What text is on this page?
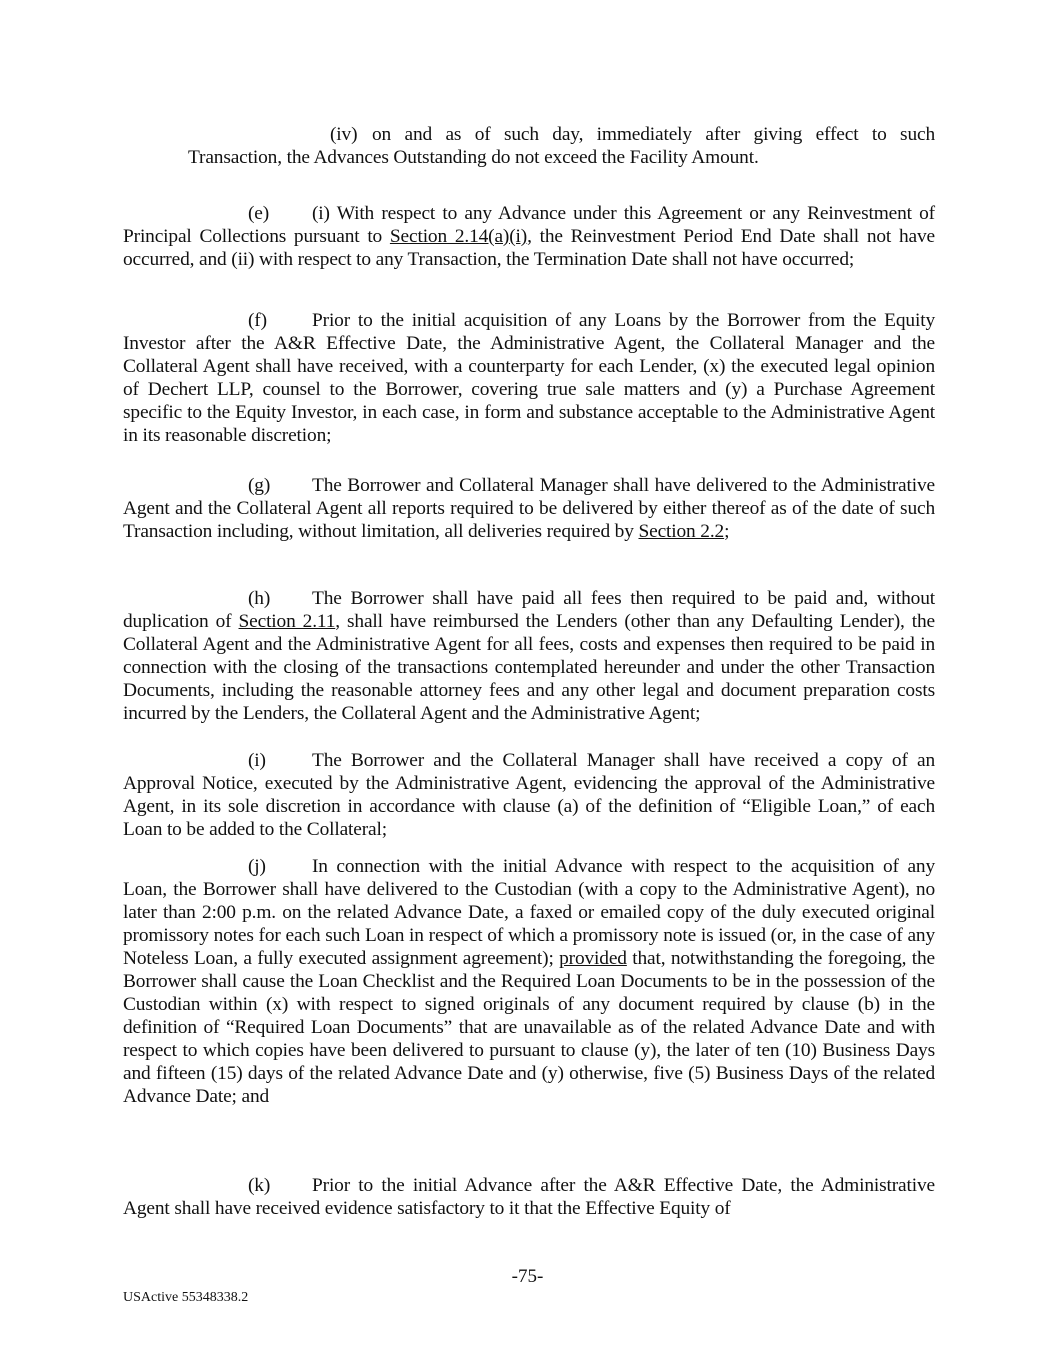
(iv) on and as of such day, immediately after giving effect to such Transaction, the Advances Outstanding do not exceed the Facility Amount.
(e) (i) With respect to any Advance under this Agreement or any Reinvestment of Principal Collections pursuant to Section 2.14(a)(i), the Reinvestment Period End Date shall not have occurred, and (ii) with respect to any Transaction, the Termination Date shall not have occurred;
(f) Prior to the initial acquisition of any Loans by the Borrower from the Equity Investor after the A&R Effective Date, the Administrative Agent, the Collateral Manager and the Collateral Agent shall have received, with a counterparty for each Lender, (x) the executed legal opinion of Dechert LLP, counsel to the Borrower, covering true sale matters and (y) a Purchase Agreement specific to the Equity Investor, in each case, in form and substance acceptable to the Administrative Agent in its reasonable discretion;
(g) The Borrower and Collateral Manager shall have delivered to the Administrative Agent and the Collateral Agent all reports required to be delivered by either thereof as of the date of such Transaction including, without limitation, all deliveries required by Section 2.2;
(h) The Borrower shall have paid all fees then required to be paid and, without duplication of Section 2.11, shall have reimbursed the Lenders (other than any Defaulting Lender), the Collateral Agent and the Administrative Agent for all fees, costs and expenses then required to be paid in connection with the closing of the transactions contemplated hereunder and under the other Transaction Documents, including the reasonable attorney fees and any other legal and document preparation costs incurred by the Lenders, the Collateral Agent and the Administrative Agent;
(i) The Borrower and the Collateral Manager shall have received a copy of an Approval Notice, executed by the Administrative Agent, evidencing the approval of the Administrative Agent, in its sole discretion in accordance with clause (a) of the definition of “Eligible Loan,” of each Loan to be added to the Collateral;
(j) In connection with the initial Advance with respect to the acquisition of any Loan, the Borrower shall have delivered to the Custodian (with a copy to the Administrative Agent), no later than 2:00 p.m. on the related Advance Date, a faxed or emailed copy of the duly executed original promissory notes for each such Loan in respect of which a promissory note is issued (or, in the case of any Noteless Loan, a fully executed assignment agreement); provided that, notwithstanding the foregoing, the Borrower shall cause the Loan Checklist and the Required Loan Documents to be in the possession of the Custodian within (x) with respect to signed originals of any document required by clause (b) in the definition of “Required Loan Documents” that are unavailable as of the related Advance Date and with respect to which copies have been delivered to pursuant to clause (y), the later of ten (10) Business Days and fifteen (15) days of the related Advance Date and (y) otherwise, five (5) Business Days of the related Advance Date; and
(k) Prior to the initial Advance after the A&R Effective Date, the Administrative Agent shall have received evidence satisfactory to it that the Effective Equity of
-75-
USActive 55348338.2
